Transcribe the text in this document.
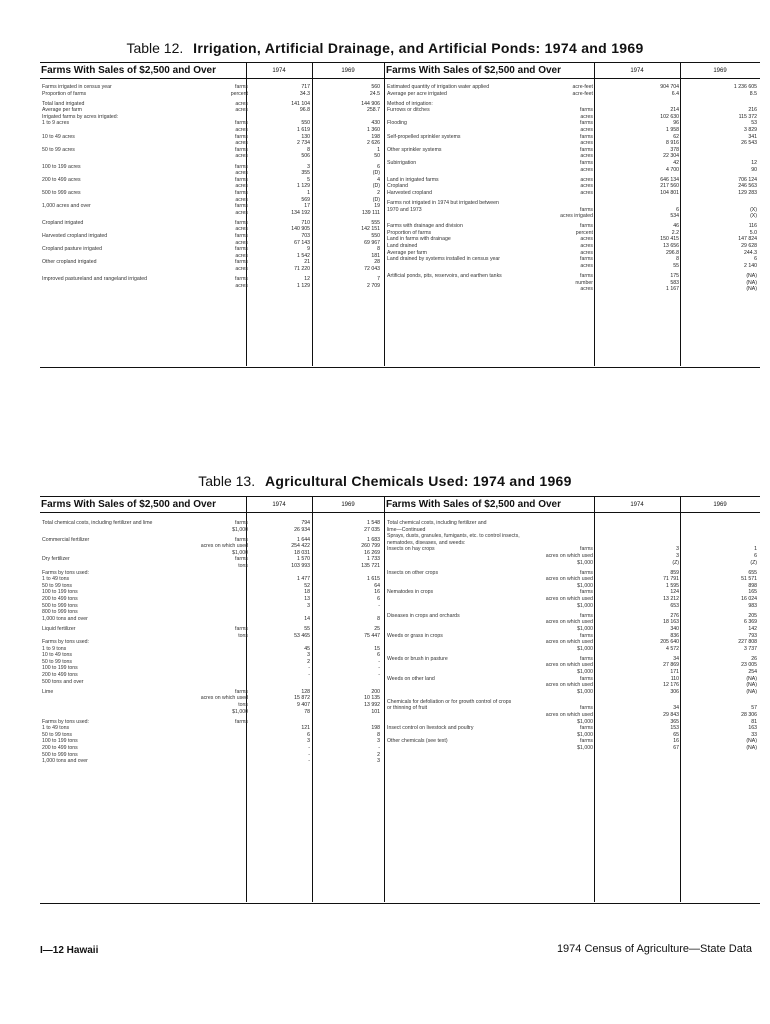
Table 12. Irrigation, Artificial Drainage, and Artificial Ponds: 1974 and 1969
Farms With Sales of $2,500 and Over	1974	1969	Farms With Sales of $2,500 and Over	1974	1969
Farms irrigated in census year	farms	717	560
Proportion of farms	percent	34.3	24.5
Total land irrigated	acres	141 104	144 906
Average per farm	acres	96.8	258.7
Irrigated farms by acres irrigated:
1 to 9 acres	farms	550	430
acres	1 619	1 360
10 to 49 acres	farms	130	198
acres	2 734	2 626
50 to 99 acres	farms	8	1
acres	506	50
100 to 199 acres	farms	3	6
acres	355	(D)
200 to 499 acres	farms	5	4
acres	1 129	(D)
500 to 999 acres	farms	1	2
acres	569	(D)
1,000 acres and over	farms	17	19
acres	134 192	139 111
Cropland irrigated	farms	710	555
acres	140 905	142 151
Harvested cropland irrigated	farms	703	550
acres	67 143	69 967
Cropland pasture irrigated	farms	9	8
acres	1 542	181
Other cropland irrigated	farms	21	28
acres	71 220	72 043
Improved pastureland and rangeland irrigated	farms	12	7
acres	1 129	2 709
Estimated quantity of irrigation water applied	acre-feet	904 704	1 236 605
Average per acre irrigated	acre-feet	6.4	8.5
Method of irrigation:
Furrows or ditches	farms	214	216
acres	102 630	115 372
Flooding	farms	96	53
acres	1 958	3 829
Self-propelled sprinkler systems	farms	62	341
acres	8 916	26 543
Other sprinkler systems	farms	378
acres	22 304
Subirrigation	farms	42	12
acres	4 700	90
Land in irrigated farms	acres	646 134	706 124
Cropland	acres	217 560	246 563
Harvested cropland	acres	104 801	129 283
Farms not irrigated in 1974 but irrigated between
1970 and 1973	farms	6	(X)
acres irrigated	534	(X)
Farms with drainage and division	farms	46	116
Proportion of farms	percent	2.2	5.0
Land in farms with drainage	acres	150 415	147 824
Land drained	acres	13 656	29 628
Average per farm	acres	296.8	244.3
Land drained by systems installed in census year	farms	8	6
acres	55	2 140
Artificial ponds, pits, reservoirs, and earthen tanks	farms	175	(NA)
number	583	(NA)
acres	1 167	(NA)
Table 13. Agricultural Chemicals Used: 1974 and 1969
Farms With Sales of $2,500 and Over	1974	1969	Farms With Sales of $2,500 and Over	1974	1969
Total chemical costs, including fertilizer and lime	farms	794	1 548
$1,000	26 934	27 035
Commercial fertilizer	farms	1 644	1 683
acres on which used	254 422	260 799
$1,000	18 031	16 269
Dry fertilizer	farms	1 570	1 733
tons	103 993	135 721
Farms by tons used:
1 to 49 tons	1 477	1 615
50 to 99 tons	52	64
100 to 199 tons	18	16
200 to 499 tons	13	6
500 to 999 tons	3	-
800 to 999 tons
1,000 tons and over	14	8
Liquid fertilizer	farms	55	25
tons	53 465	75 447
Farms by tons used:
1 to 9 tons	45	15
10 to 49 tons	3	6
50 to 99 tons	2	-
100 to 199 tons	-	-
200 to 499 tons	-	-
500 tons and over
Lime	farms	128	200
acres on which used	15 872	10 135
tons	9 407	13 992
$1,000	78	101
Farms by tons used:	farms
1 to 49 tons	121	198
50 to 99 tons	6	8
100 to 199 tons	3	3
200 to 499 tons	-	-
500 to 999 tons	-	2
1,000 tons and over	-	3
Total chemical costs, including fertilizer and
lime—Continued
Sprays, dusts, granules, fumigants, etc. to control insects,
nematodes, diseases, and weeds:
Insects on hay crops	farms	3	1
acres on which used	3	6
$1,000	(Z)	(Z)
Insects on other crops	farms	859	655
acres on which used	71 791	51 571
$1,000	1 595	898
Nematodes in crops	farms	124	165
acres on which used	13 212	16 024
$1,000	653	983
Diseases in crops and orchards	farms	276	205
acres on which used	18 163	6 369
$1,000	340	142
Weeds or grass in crops	farms	836	793
acres on which used	205 640	227 808
$1,000	4 572	3 737
Weeds or brush in pasture	farms	34	26
acres on which used	27 869	23 005
$1,000	171	254
Weeds on other land	farms	110	(NA)
acres on which used	12 176	(NA)
$1,000	306	(NA)
Chemicals for defoliation or for growth control of crops
or thinning of fruit	farms	34	57
acres on which used	29 843	28 306
$1,000	365	81
Insect control on livestock and poultry	farms	153	163
$1,000	65	33
Other chemicals (see text)	farms	16	(NA)
$1,000	67	(NA)
I—12 Hawaii	1974 Census of Agriculture—State Data
